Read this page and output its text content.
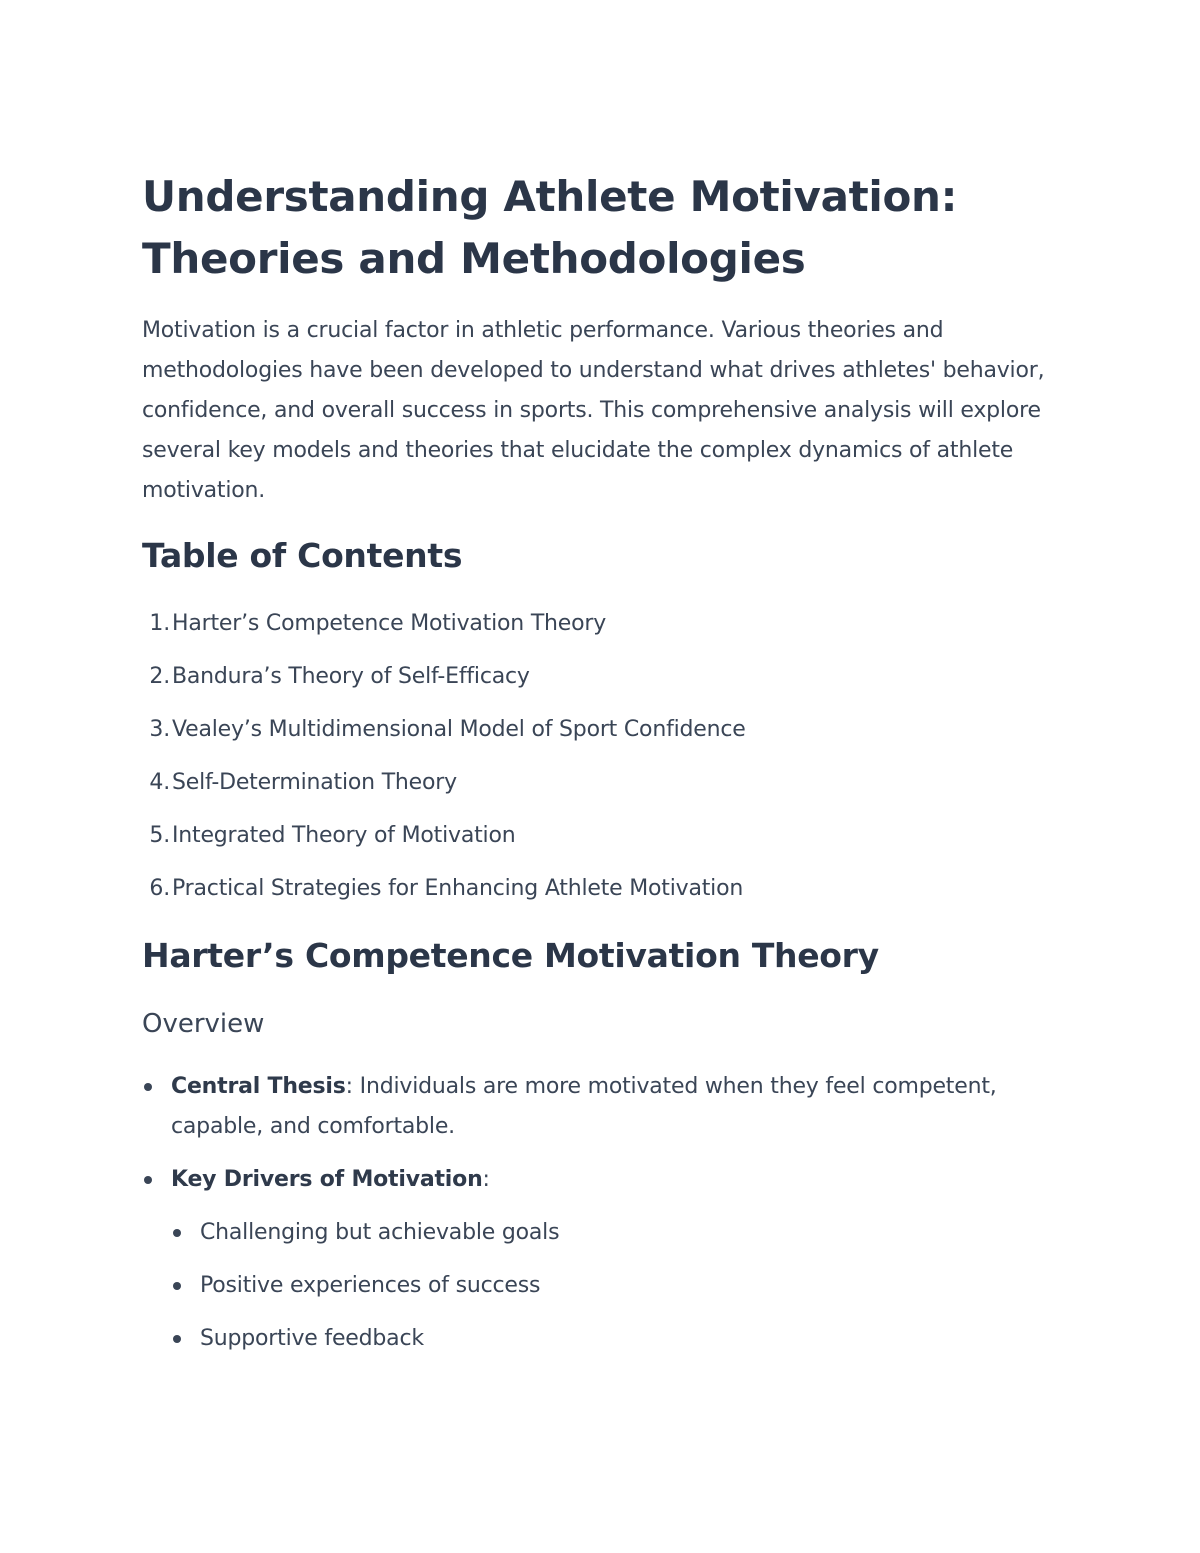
Understanding Athlete Motivation:
Theories and Methodologies

Motivation is a crucial factor in athletic performance. Various theories and methodologies have been developed to understand what drives athletes' behavior, confidence, and overall success in sports. This comprehensive analysis will explore several key models and theories that elucidate the complex dynamics of athlete motivation.

Table of Contents
1. Harter’s Competence Motivation Theory
2. Bandura’s Theory of Self-Efficacy
3. Vealey’s Multidimensional Model of Sport Confidence
4. Self-Determination Theory
5. Integrated Theory of Motivation
6. Practical Strategies for Enhancing Athlete Motivation
Harter’s Competence Motivation Theory
Overview
Central Thesis: Individuals are more motivated when they feel competent, capable, and comfortable.
Key Drivers of Motivation:
Challenging but achievable goals
Positive experiences of success
Supportive feedback
